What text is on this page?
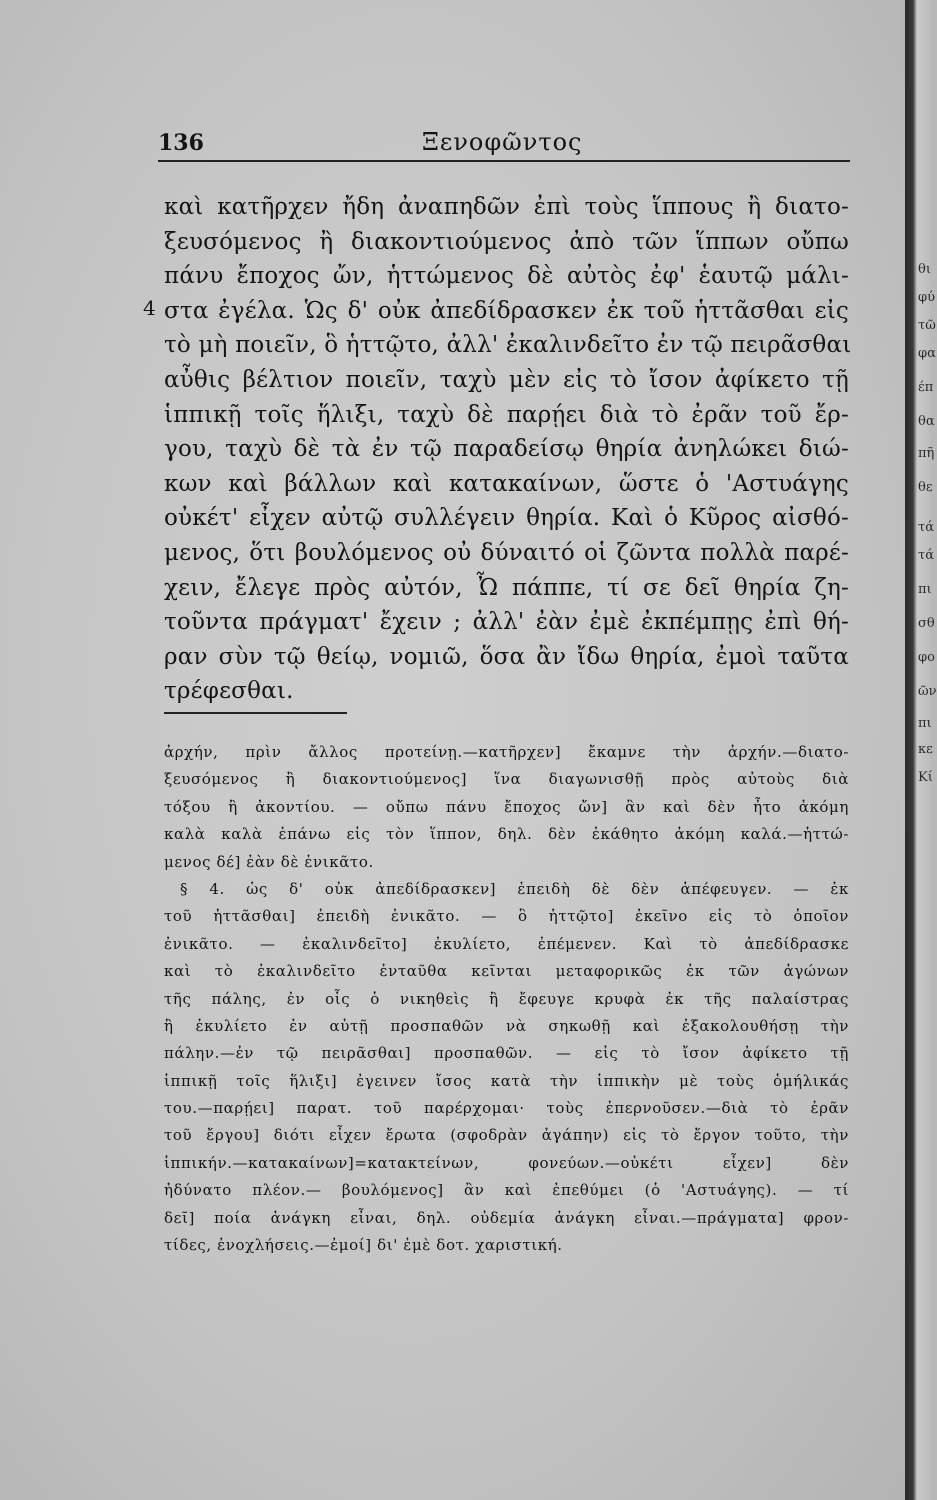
136	Ξενοφῶντος
4
καὶ κατῆρχεν ἤδη ἀναπηδῶν ἐπὶ τοὺς ἵππους ἢ διατο-
ξευσόμενος ἢ διακοντιούμενος ἀπὸ τῶν ἵππων οὔπω
πάνυ ἔποχος ὤν, ἡττώμενος δὲ αὐτὸς ἐφ' ἑαυτῷ μάλι-
στα ἐγέλα. Ὡς δ' οὐκ ἀπεδίδρασκεν ἐκ τοῦ ἡττᾶσθαι εἰς
τὸ μὴ ποιεῖν, ὃ ἡττῷτο, ἀλλ' ἐκαλινδεῖτο ἐν τῷ πειρᾶσθαι
αὖθις βέλτιον ποιεῖν, ταχὺ μὲν εἰς τὸ ἴσον ἀφίκετο τῇ
ἱππικῇ τοῖς ἥλιξι, ταχὺ δὲ παρῄει διὰ τὸ ἐρᾶν τοῦ ἔρ-
γου, ταχὺ δὲ τὰ ἐν τῷ παραδείσῳ θηρία ἀνηλώκει διώ-
κων καὶ βάλλων καὶ κατακαίνων, ὥστε ὁ 'Αστυάγης
οὐκέτ' εἶχεν αὐτῷ συλλέγειν θηρία. Καὶ ὁ Κῦρος αἰσθό-
μενος, ὅτι βουλόμενος οὐ δύναιτό οἱ ζῶντα πολλὰ παρέ-
χειν, ἔλεγε πρὸς αὐτόν, Ὦ πάππε, τί σε δεῖ θηρία ζη-
τοῦντα πράγματ' ἔχειν ; ἀλλ' ἐὰν ἐμὲ ἐκπέμπῃς ἐπὶ θή-
ραν σὺν τῷ θείῳ, νομιῶ, ὅσα ἂν ἴδω θηρία, ἐμοὶ ταῦτα
τρέφεσθαι.
ἀρχήν, πρὶν ἄλλος προτείνῃ.—κατῆρχεν] ἔκαμνε τὴν ἀρχήν.—διατο-
ξευσόμενος ἢ διακοντιούμενος] ἵνα διαγωνισθῇ πρὸς αὐτοὺς διὰ
τόξου ἢ ἀκοντίου. — οὔπω πάνυ ἔποχος ὤν] ἂν καὶ δὲν ἦτο ἀκόμη
καλὰ καλὰ ἐπάνω εἰς τὸν ἵππον, δηλ. δὲν ἐκάθητο ἀκόμη καλά.—ἡττώ-
μενος δέ] ἐὰν δὲ ἐνικᾶτο.
§ 4. ὡς δ' οὐκ ἀπεδίδρασκεν] ἐπειδὴ δὲ δὲν ἀπέφευγεν. — ἐκ
τοῦ ἡττᾶσθαι] ἐπειδὴ ἐνικᾶτο. — ὃ ἡττῷτο] ἐκεῖνο εἰς τὸ ὁποῖον
ἐνικᾶτο. — ἐκαλινδεῖτο] ἐκυλίετο, ἐπέμενεν. Καὶ τὸ ἀπεδίδρασκε
καὶ τὸ ἐκαλινδεῖτο ἐνταῦθα κεῖνται μεταφορικῶς ἐκ τῶν ἀγώνων
τῆς πάλης, ἐν οἷς ὁ νικηθεὶς ἢ ἔφευγε κρυφὰ ἐκ τῆς παλαίστρας
ἢ ἐκυλίετο ἐν αὐτῇ προσπαθῶν νὰ σηκωθῇ καὶ ἐξακολουθήσῃ τὴν
πάλην.—ἐν τῷ πειρᾶσθαι] προσπαθῶν. — εἰς τὸ ἴσον ἀφίκετο τῇ
ἱππικῇ τοῖς ἥλιξι] ἐγεινεν ἴσος κατὰ τὴν ἱππικὴν μὲ τοὺς ὁμήλικάς
του.—παρῄει] παρατ. τοῦ παρέρχομαι· τοὺς ἐπερνοῦσεν.—διὰ τὸ ἐρᾶν
τοῦ ἔργου] διότι εἶχεν ἔρωτα (σφοδρὰν ἀγάπην) εἰς τὸ ἔργον τοῦτο, τὴν
ἱππικήν.—κατακαίνων]=κατακτείνων, φονεύων.—οὐκέτι εἶχεν] δὲν
ἠδύνατο πλέον.— βουλόμενος] ἂν καὶ ἐπεθύμει (ὁ 'Αστυάγης). — τί
δεῖ] ποία ἀνάγκη εἶναι, δηλ. οὐδεμία ἀνάγκη εἶναι.—πράγματα] φρον-
τίδες, ἐνοχλήσεις.—ἐμοί] δι' ἐμὲ δοτ. χαριστική.
θι
φύ
τῶ
φα
έπ
θα
πῆ
θε
τά
τά
πι
σθ
φο
ῶν
πι
κε
Κί
